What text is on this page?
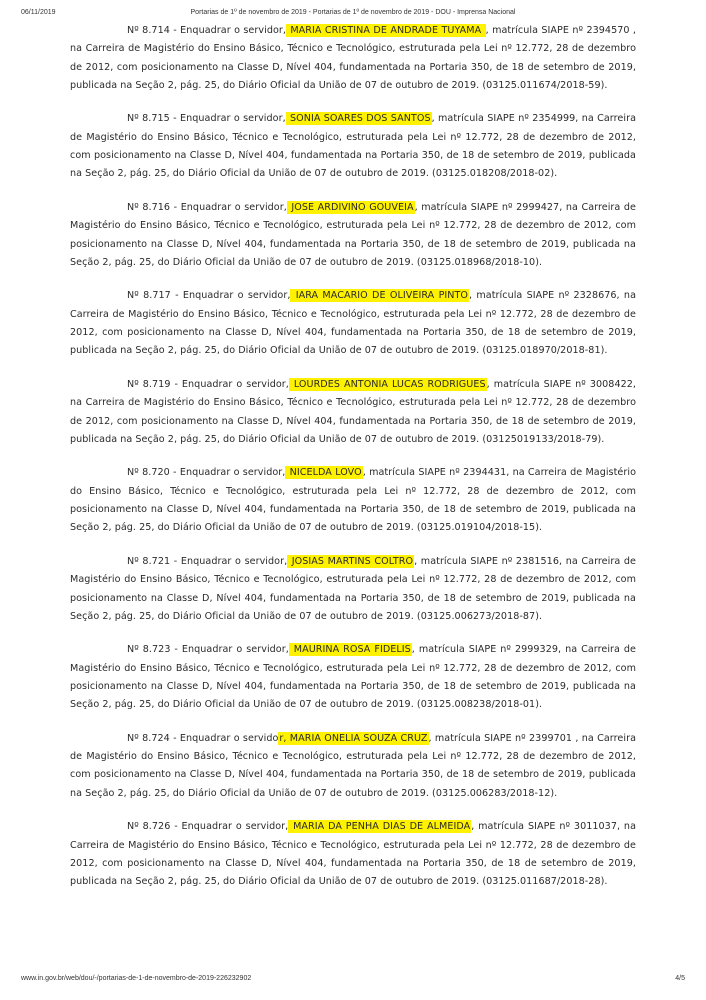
06/11/2019	Portarias de 1º de novembro de 2019 - Portarias de 1º de novembro de 2019 - DOU - Imprensa Nacional

Nº 8.714 - Enquadrar o servidor, MARIA CRISTINA DE ANDRADE TUYAMA , matrícula SIAPE nº 2394570 , na Carreira de Magistério do Ensino Básico, Técnico e Tecnológico, estruturada pela Lei nº 12.772, 28 de dezembro de 2012, com posicionamento na Classe D, Nível 404, fundamentada na Portaria 350, de 18 de setembro de 2019, publicada na Seção 2, pág. 25, do Diário Oficial da União de 07 de outubro de 2019. (03125.011674/2018-59).

Nº 8.715 - Enquadrar o servidor, SONIA SOARES DOS SANTOS, matrícula SIAPE nº 2354999, na Carreira de Magistério do Ensino Básico, Técnico e Tecnológico, estruturada pela Lei nº 12.772, 28 de dezembro de 2012, com posicionamento na Classe D, Nível 404, fundamentada na Portaria 350, de 18 de setembro de 2019, publicada na Seção 2, pág. 25, do Diário Oficial da União de 07 de outubro de 2019. (03125.018208/2018-02).

Nº 8.716 - Enquadrar o servidor, JOSE ARDIVINO GOUVEIA, matrícula SIAPE nº 2999427, na Carreira de Magistério do Ensino Básico, Técnico e Tecnológico, estruturada pela Lei nº 12.772, 28 de dezembro de 2012, com posicionamento na Classe D, Nível 404, fundamentada na Portaria 350, de 18 de setembro de 2019, publicada na Seção 2, pág. 25, do Diário Oficial da União de 07 de outubro de 2019. (03125.018968/2018-10).

Nº 8.717 - Enquadrar o servidor, IARA MACARIO DE OLIVEIRA PINTO, matrícula SIAPE nº 2328676, na Carreira de Magistério do Ensino Básico, Técnico e Tecnológico, estruturada pela Lei nº 12.772, 28 de dezembro de 2012, com posicionamento na Classe D, Nível 404, fundamentada na Portaria 350, de 18 de setembro de 2019, publicada na Seção 2, pág. 25, do Diário Oficial da União de 07 de outubro de 2019. (03125.018970/2018-81).

Nº 8.719 - Enquadrar o servidor, LOURDES ANTONIA LUCAS RODRIGUES, matrícula SIAPE nº 3008422, na Carreira de Magistério do Ensino Básico, Técnico e Tecnológico, estruturada pela Lei nº 12.772, 28 de dezembro de 2012, com posicionamento na Classe D, Nível 404, fundamentada na Portaria 350, de 18 de setembro de 2019, publicada na Seção 2, pág. 25, do Diário Oficial da União de 07 de outubro de 2019. (03125019133/2018-79).

Nº 8.720 - Enquadrar o servidor, NICELDA LOVO, matrícula SIAPE nº 2394431, na Carreira de Magistério do Ensino Básico, Técnico e Tecnológico, estruturada pela Lei nº 12.772, 28 de dezembro de 2012, com posicionamento na Classe D, Nível 404, fundamentada na Portaria 350, de 18 de setembro de 2019, publicada na Seção 2, pág. 25, do Diário Oficial da União de 07 de outubro de 2019. (03125.019104/2018-15).

Nº 8.721 - Enquadrar o servidor, JOSIAS MARTINS COLTRO, matrícula SIAPE nº 2381516, na Carreira de Magistério do Ensino Básico, Técnico e Tecnológico, estruturada pela Lei nº 12.772, 28 de dezembro de 2012, com posicionamento na Classe D, Nível 404, fundamentada na Portaria 350, de 18 de setembro de 2019, publicada na Seção 2, pág. 25, do Diário Oficial da União de 07 de outubro de 2019. (03125.006273/2018-87).

Nº 8.723 - Enquadrar o servidor, MAURINA ROSA FIDELIS, matrícula SIAPE nº 2999329, na Carreira de Magistério do Ensino Básico, Técnico e Tecnológico, estruturada pela Lei nº 12.772, 28 de dezembro de 2012, com posicionamento na Classe D, Nível 404, fundamentada na Portaria 350, de 18 de setembro de 2019, publicada na Seção 2, pág. 25, do Diário Oficial da União de 07 de outubro de 2019. (03125.008238/2018-01).

Nº 8.724 - Enquadrar o servidor, MARIA ONELIA SOUZA CRUZ, matrícula SIAPE nº 2399701 , na Carreira de Magistério do Ensino Básico, Técnico e Tecnológico, estruturada pela Lei nº 12.772, 28 de dezembro de 2012, com posicionamento na Classe D, Nível 404, fundamentada na Portaria 350, de 18 de setembro de 2019, publicada na Seção 2, pág. 25, do Diário Oficial da União de 07 de outubro de 2019. (03125.006283/2018-12).

Nº 8.726 - Enquadrar o servidor, MARIA DA PENHA DIAS DE ALMEIDA, matrícula SIAPE nº 3011037, na Carreira de Magistério do Ensino Básico, Técnico e Tecnológico, estruturada pela Lei nº 12.772, 28 de dezembro de 2012, com posicionamento na Classe D, Nível 404, fundamentada na Portaria 350, de 18 de setembro de 2019, publicada na Seção 2, pág. 25, do Diário Oficial da União de 07 de outubro de 2019. (03125.011687/2018-28).

www.in.gov.br/web/dou/-/portarias-de-1-de-novembro-de-2019-226232902	4/5
